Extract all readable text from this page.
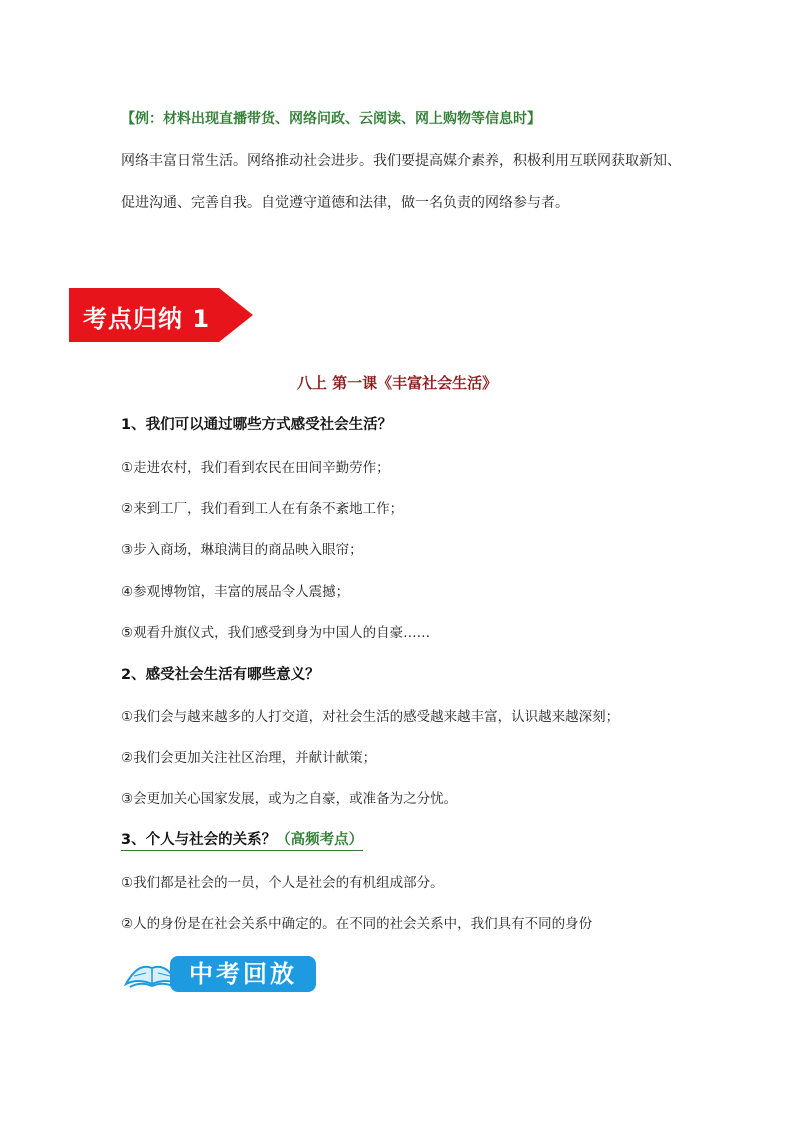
【例：材料出现直播带货、网络问政、云阅读、网上购物等信息时】
网络丰富日常生活。网络推动社会进步。我们要提高媒介素养，积极利用互联网获取新知、
促进沟通、完善自我。自觉遵守道德和法律，做一名负责的网络参与者。
考点归纳 1
八上 第一课《丰富社会生活》
1、我们可以通过哪些方式感受社会生活？
①走进农村，我们看到农民在田间辛勤劳作；
②来到工厂，我们看到工人在有条不紊地工作；
③步入商场，琳琅满目的商品映入眼帘；
④参观博物馆，丰富的展品令人震撼；
⑤观看升旗仪式，我们感受到身为中国人的自豪……
2、感受社会生活有哪些意义？
①我们会与越来越多的人打交道，对社会生活的感受越来越丰富，认识越来越深刻；
②我们会更加关注社区治理，并献计献策；
③会更加关心国家发展，或为之自豪，或准备为之分忧。
3、个人与社会的关系？（高频考点）
①我们都是社会的一员，个人是社会的有机组成部分。
②人的身份是在社会关系中确定的。在不同的社会关系中，我们具有不同的身份
中考回放
